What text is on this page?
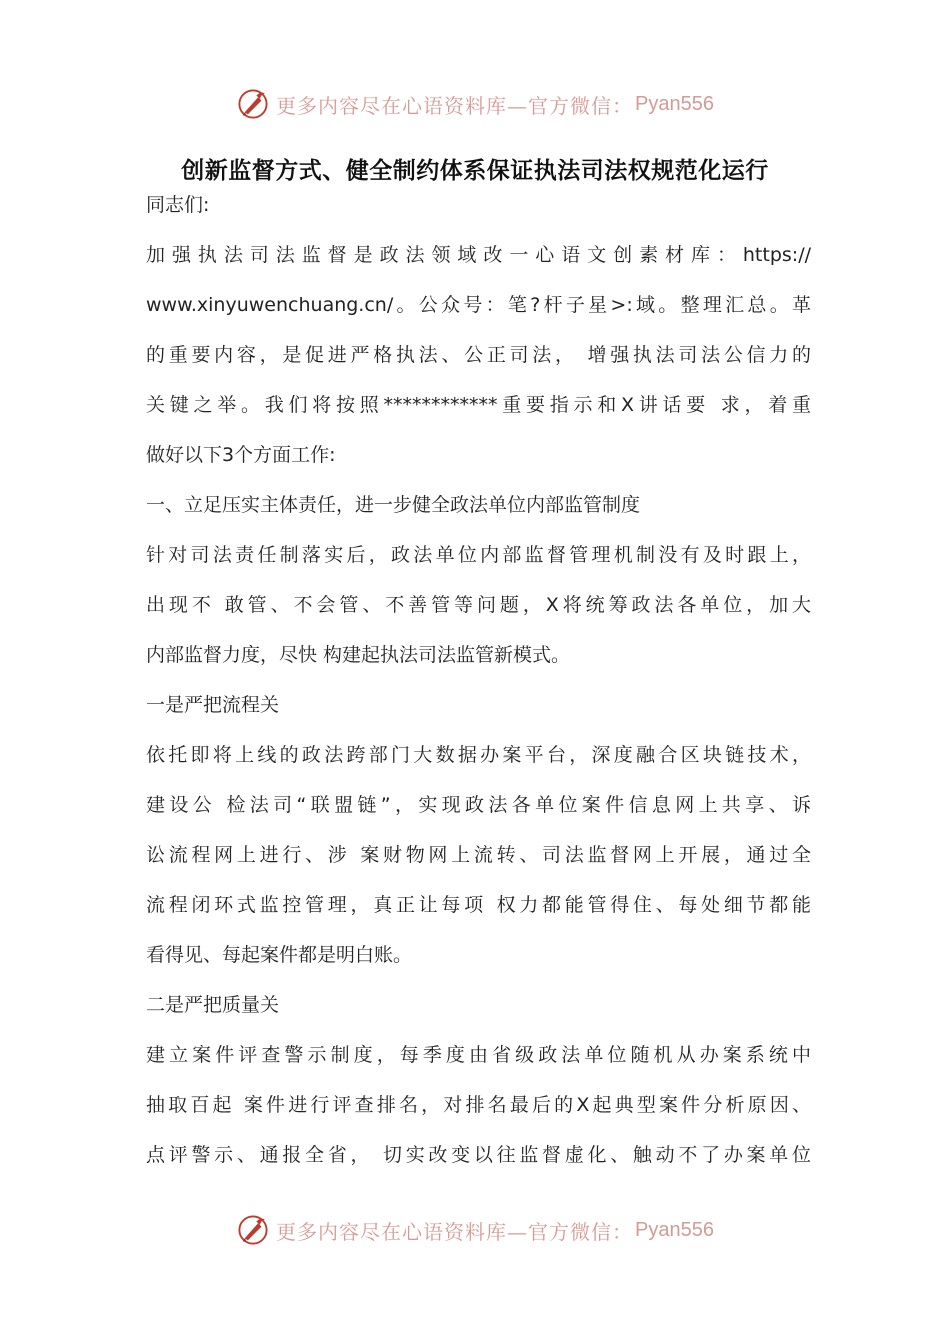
更多内容尽在心语资料库—官方微信： Pyan556
创新监督方式、健全制约体系保证执法司法权规范化运行
同志们:
加强执法司法监督是政法领域改一心语文创素材库：https://
www.xinyuwenchuang.cn/。公众号：笔?杆子星>:域。整理汇总。革
的重要内容，是促进严格执法、公正司法， 增强执法司法公信力的
关键之举。我们将按照************重要指示和X讲话要 求，着重
做好以下3个方面工作:
一、立足压实主体责任，进一步健全政法单位内部监管制度
针对司法责任制落实后，政法单位内部监督管理机制没有及时跟上，
出现不 敢管、不会管、不善管等问题，X将统筹政法各单位，加大
内部监督力度，尽快 构建起执法司法监管新模式。
一是严把流程关
依托即将上线的政法跨部门大数据办案平台，深度融合区块链技术，
建设公 检法司“联盟链”，实现政法各单位案件信息网上共享、诉
讼流程网上进行、涉 案财物网上流转、司法监督网上开展，通过全
流程闭环式监控管理，真正让每项 权力都能管得住、每处细节都能
看得见、每起案件都是明白账。
二是严把质量关
建立案件评查警示制度，每季度由省级政法单位随机从办案系统中
抽取百起 案件进行评查排名，对排名最后的X起典型案件分析原因、
点评警示、通报全省， 切实改变以往监督虚化、触动不了办案单位
更多内容尽在心语资料库—官方微信： Pyan556
